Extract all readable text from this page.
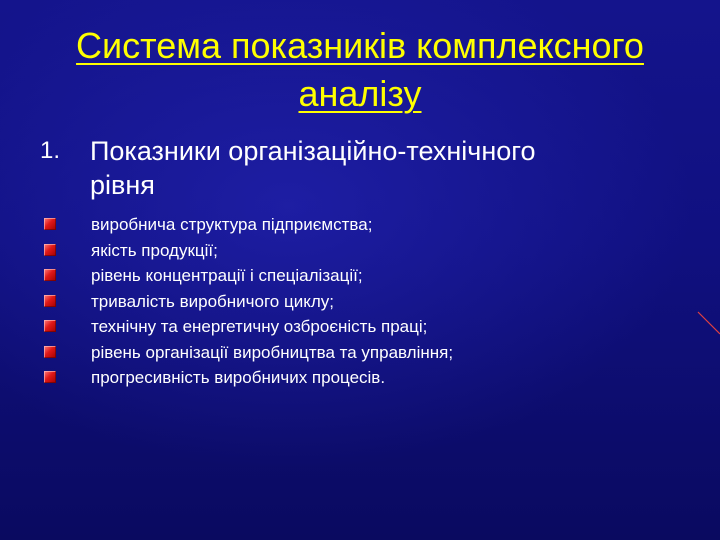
Система показників комплексного
аналізу
1. Показники організаційно-технічного
рівня
виробнича структура підприємства;
якість продукції;
рівень концентрації і спеціалізації;
тривалість виробничого циклу;
технічну та енергетичну озброєність праці;
рівень організації виробництва та управління;
прогресивність виробничих процесів.
